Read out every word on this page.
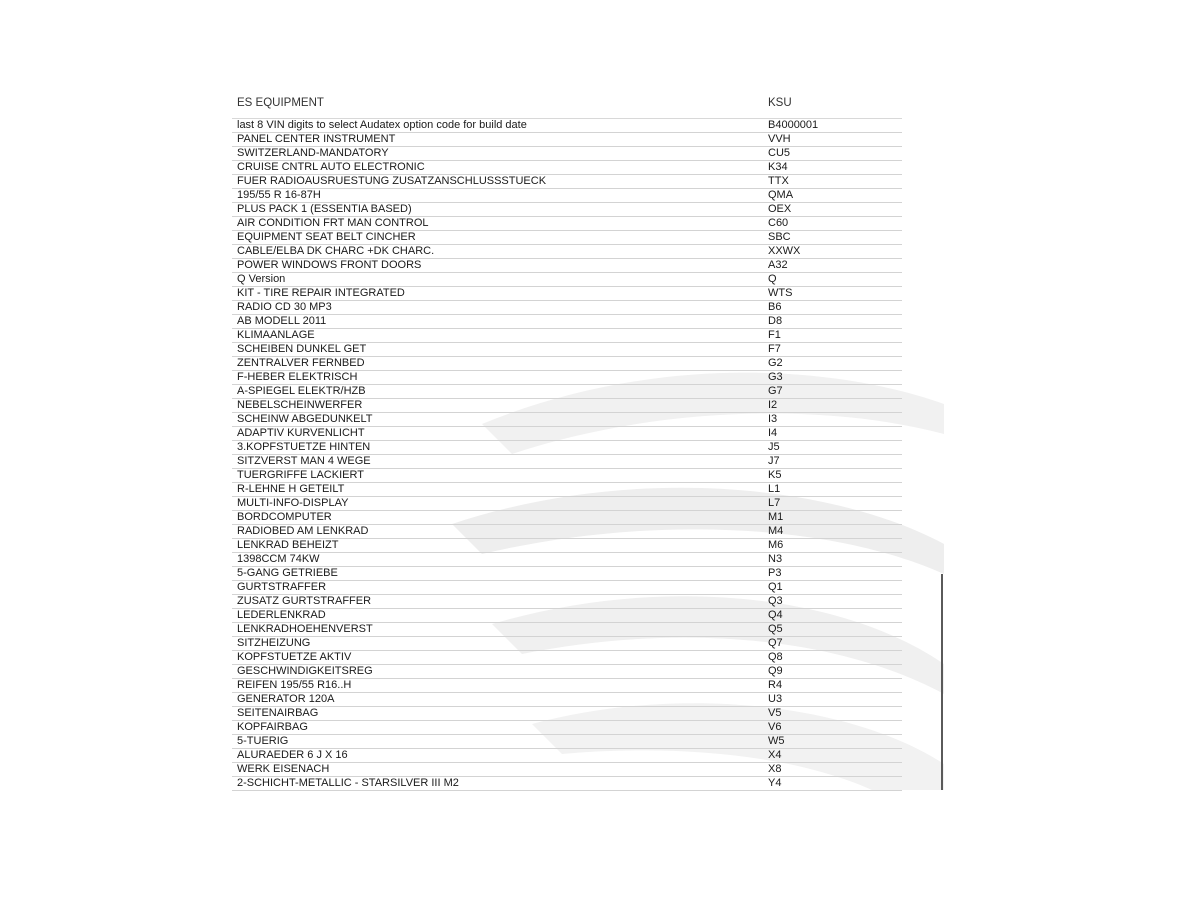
ES EQUIPMENT	KSU
last 8 VIN digits to select Audatex option code for build date	B4000001
PANEL CENTER INSTRUMENT	VVH
SWITZERLAND-MANDATORY	CU5
CRUISE CNTRL AUTO ELECTRONIC	K34
FUER RADIOAUSRUESTUNG ZUSATZANSCHLUSSSTUECK	TTX
195/55 R 16-87H	QMA
PLUS PACK 1 (ESSENTIA BASED)	OEX
AIR CONDITION FRT MAN CONTROL	C60
EQUIPMENT SEAT BELT CINCHER	SBC
CABLE/ELBA DK CHARC +DK CHARC.	XXWX
POWER WINDOWS FRONT DOORS	A32
Q Version	Q
KIT - TIRE REPAIR INTEGRATED	WTS
RADIO CD 30 MP3	B6
AB MODELL 2011	D8
KLIMAANLAGE	F1
SCHEIBEN DUNKEL GET	F7
ZENTRALVER FERNBED	G2
F-HEBER ELEKTRISCH	G3
A-SPIEGEL ELEKTR/HZB	G7
NEBELSCHEINWERFER	I2
SCHEINW ABGEDUNKELT	I3
ADAPTIV KURVENLICHT	I4
3.KOPFSTUETZE HINTEN	J5
SITZVERST MAN 4 WEGE	J7
TUERGRIFFE LACKIERT	K5
R-LEHNE H GETEILT	L1
MULTI-INFO-DISPLAY	L7
BORDCOMPUTER	M1
RADIOBED AM LENKRAD	M4
LENKRAD BEHEIZT	M6
1398CCM 74KW	N3
5-GANG GETRIEBE	P3
GURTSTRAFFER	Q1
ZUSATZ GURTSTRAFFER	Q3
LEDERLENKRAD	Q4
LENKRADHOEHENVERST	Q5
SITZHEIZUNG	Q7
KOPFSTUETZE AKTIV	Q8
GESCHWINDIGKEITSREG	Q9
REIFEN 195/55 R16..H	R4
GENERATOR 120A	U3
SEITENAIRBAG	V5
KOPFAIRBAG	V6
5-TUERIG	W5
ALURAEDER 6 J X 16	X4
WERK EISENACH	X8
2-SCHICHT-METALLIC - STARSILVER III M2	Y4
